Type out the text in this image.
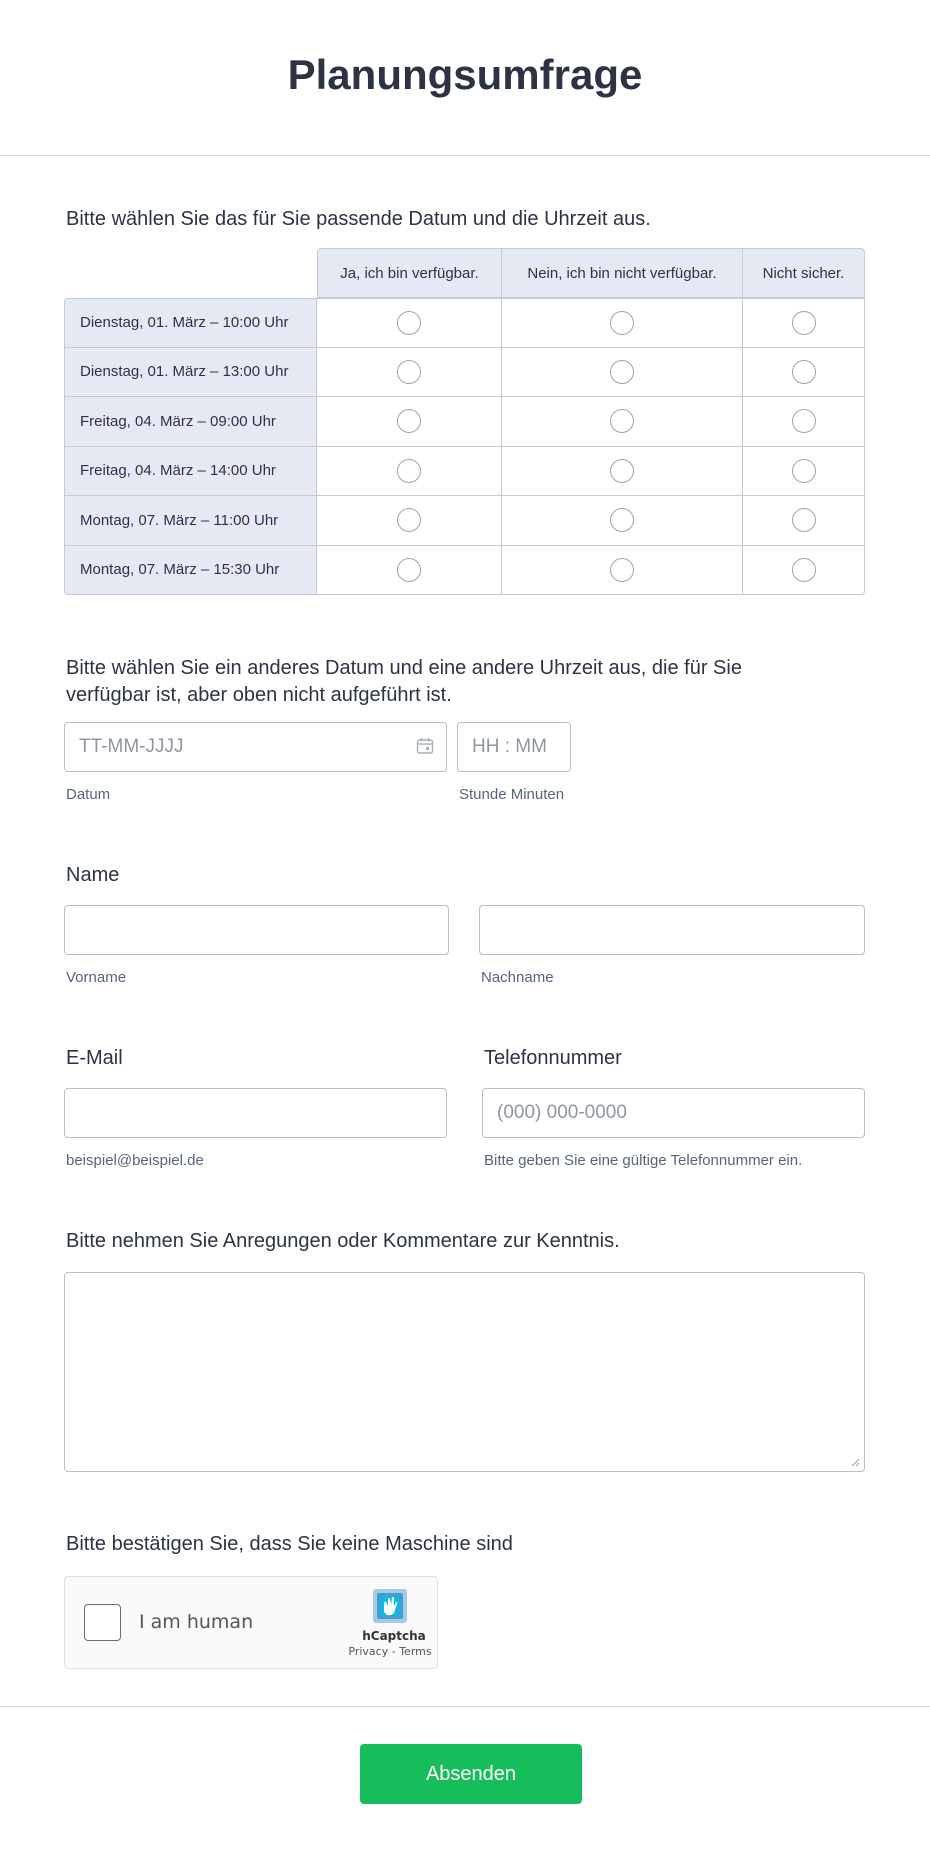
Planungsumfrage
Bitte wählen Sie das für Sie passende Datum und die Uhrzeit aus.
Ja, ich bin verfügbar.	Nein, ich bin nicht verfügbar.	Nicht sicher.
Dienstag, 01. März – 10:00 Uhr
Dienstag, 01. März – 13:00 Uhr
Freitag, 04. März – 09:00 Uhr
Freitag, 04. März – 14:00 Uhr
Montag, 07. März – 11:00 Uhr
Montag, 07. März – 15:30 Uhr
Bitte wählen Sie ein anderes Datum und eine andere Uhrzeit aus, die für Sie
verfügbar ist, aber oben nicht aufgeführt ist.
TT-MM-JJJJ
Datum
HH : MM
Stunde Minuten
Name
Vorname	Nachname
E-Mail
beispiel@beispiel.de
Telefonnummer
(000) 000-0000
Bitte geben Sie eine gültige Telefonnummer ein.
Bitte nehmen Sie Anregungen oder Kommentare zur Kenntnis.
Bitte bestätigen Sie, dass Sie keine Maschine sind
I am human
hCaptcha
Privacy - Terms
Absenden
